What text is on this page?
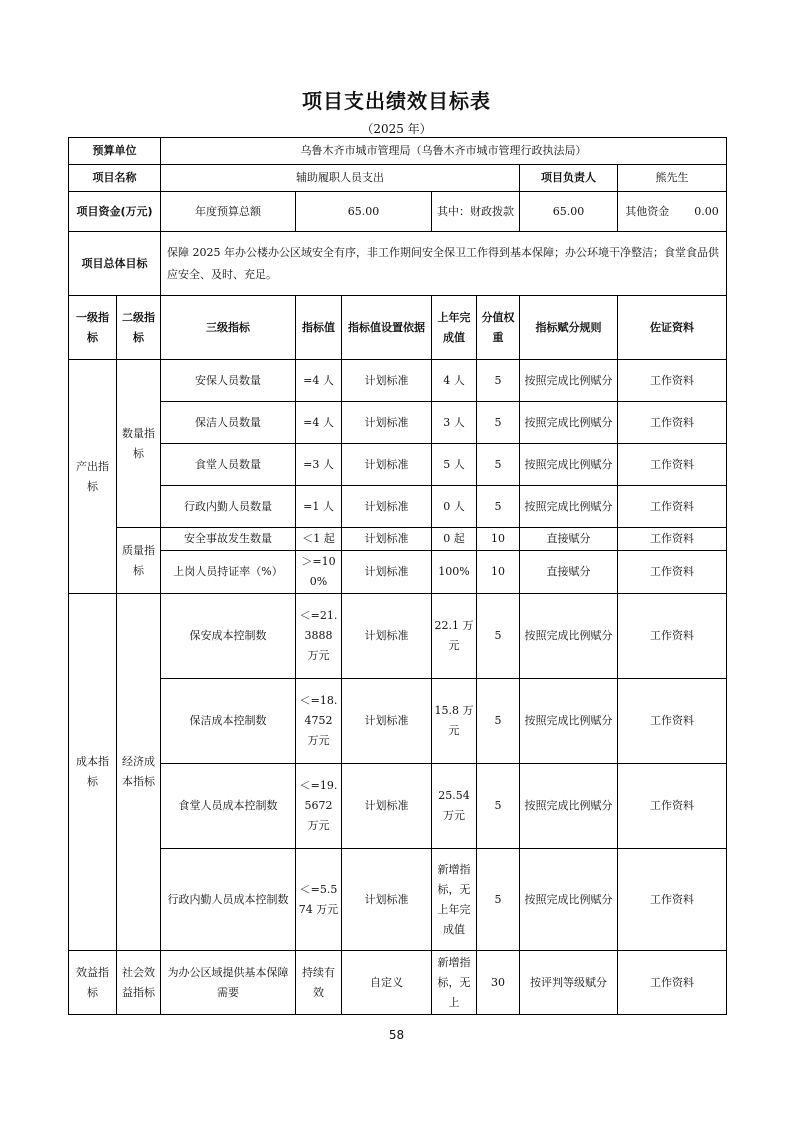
项目支出绩效目标表
（2025 年）
预算单位		乌鲁木齐市城市管理局（乌鲁木齐市城市管理行政执法局）						
项目名称		辅助履职人员支出					项目负责人	熊先生
项目资金(万元)		年度预算总额	65.00		其中：财政拨款		65.00	其他资金 0.00
项目总体目标		保障 2025 年办公楼办公区域安全有序，非工作期间安全保卫工作得到基本保障；办公环境干净整洁；食堂食品供应安全、及时、充足。						
一级指标	二级指标	三级指标	指标值	指标值设置依据	上年完成值	分值权重	指标赋分规则	佐证资料
产出指标	数量指标	安保人员数量	=4 人	计划标准	4 人	5	按照完成比例赋分	工作资料
		保洁人员数量	=4 人	计划标准	3 人	5	按照完成比例赋分	工作资料
		食堂人员数量	=3 人	计划标准	5 人	5	按照完成比例赋分	工作资料
		行政内勤人员数量	=1 人	计划标准	0 人	5	按照完成比例赋分	工作资料
	质量指标	安全事故发生数量	＜1 起	计划标准	0 起	10	直接赋分	工作资料
		上岗人员持证率（%）	＞=100%	计划标准	100%	10	直接赋分	工作资料
成本指标	经济成本指标	保安成本控制数	＜=21.3888 万元	计划标准	22.1 万元	5	按照完成比例赋分	工作资料
		保洁成本控制数	＜=18.4752 万元	计划标准	15.8 万元	5	按照完成比例赋分	工作资料
		食堂人员成本控制数	＜=19.5672 万元	计划标准	25.54 万元	5	按照完成比例赋分	工作资料
		行政内勤人员成本控制数	＜=5.574 万元	计划标准	新增指标，无上年完成值	5	按照完成比例赋分	工作资料
效益指标	社会效益指标	为办公区域提供基本保障需要	持续有效	自定义	新增指标，无上	30	按评判等级赋分	工作资料
58
